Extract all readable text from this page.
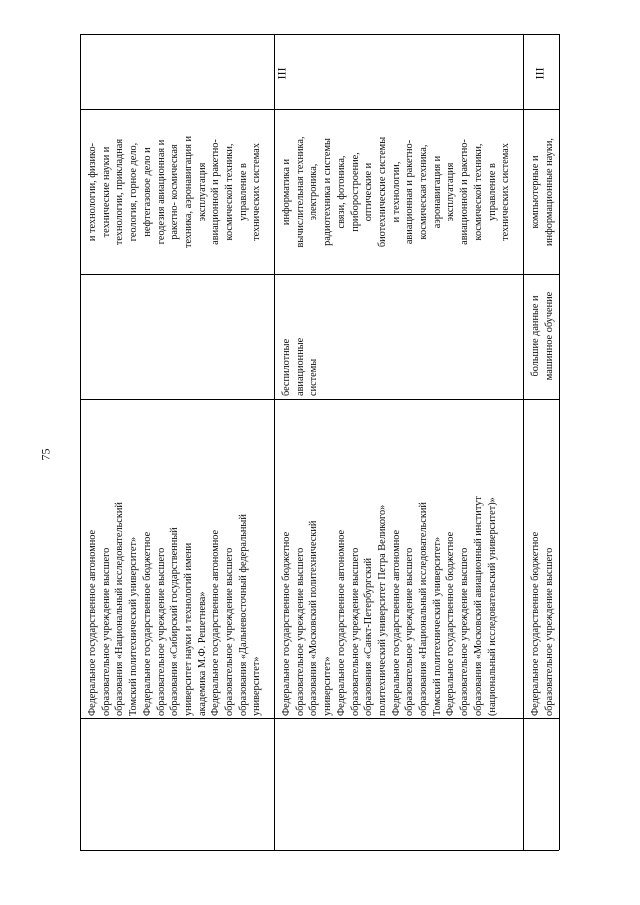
75
Федеральное государственное автономное образовательное учреждение высшего образования «Национальный исследовательский Томский политехнический университет» Федеральное государственное бюджетное образовательное учреждение высшего образования «Сибирский государственный университет науки и технологий имени академика М.Ф. Решетнева» Федеральное государственное автономное образовательное учреждение высшего образования «Дальневосточный федеральный университет»
и технологии, физико- технические науки и технологии, прикладная геология, горное дело, нефтегазовое дело и геодезия авиационная и ракетно- космическая техника, аэронавигация и эксплуатация авиационной и ракетно- космической техники, управление в технических системах
Федеральное государственное бюджетное образовательное учреждение высшего образования «Московский политехнический университет» Федеральное государственное автономное образовательное учреждение высшего образования «Санкт-Петербургский политехнический университет Петра Великого» Федеральное государственное автономное образовательное учреждение высшего образования «Национальный исследовательский Томский политехнический университет» Федеральное государственное бюджетное образовательное учреждение высшего образования «Московский авиационный институт (национальный исследовательский университет)»
беспилотные авиационные системы
информатика и вычислительная техника, электроника, радиотехника и системы связи, фотоника, приборостроение, оптические и биотехнические системы и технологии, авиационная и ракетно- космическая техника, аэронавигация и эксплуатация авиационной и ракетно- космической техники, управление в технических системах
III
Федеральное государственное бюджетное образовательное учреждение высшего
большие данные и машинное обучение
компьютерные и информационные науки,
III
